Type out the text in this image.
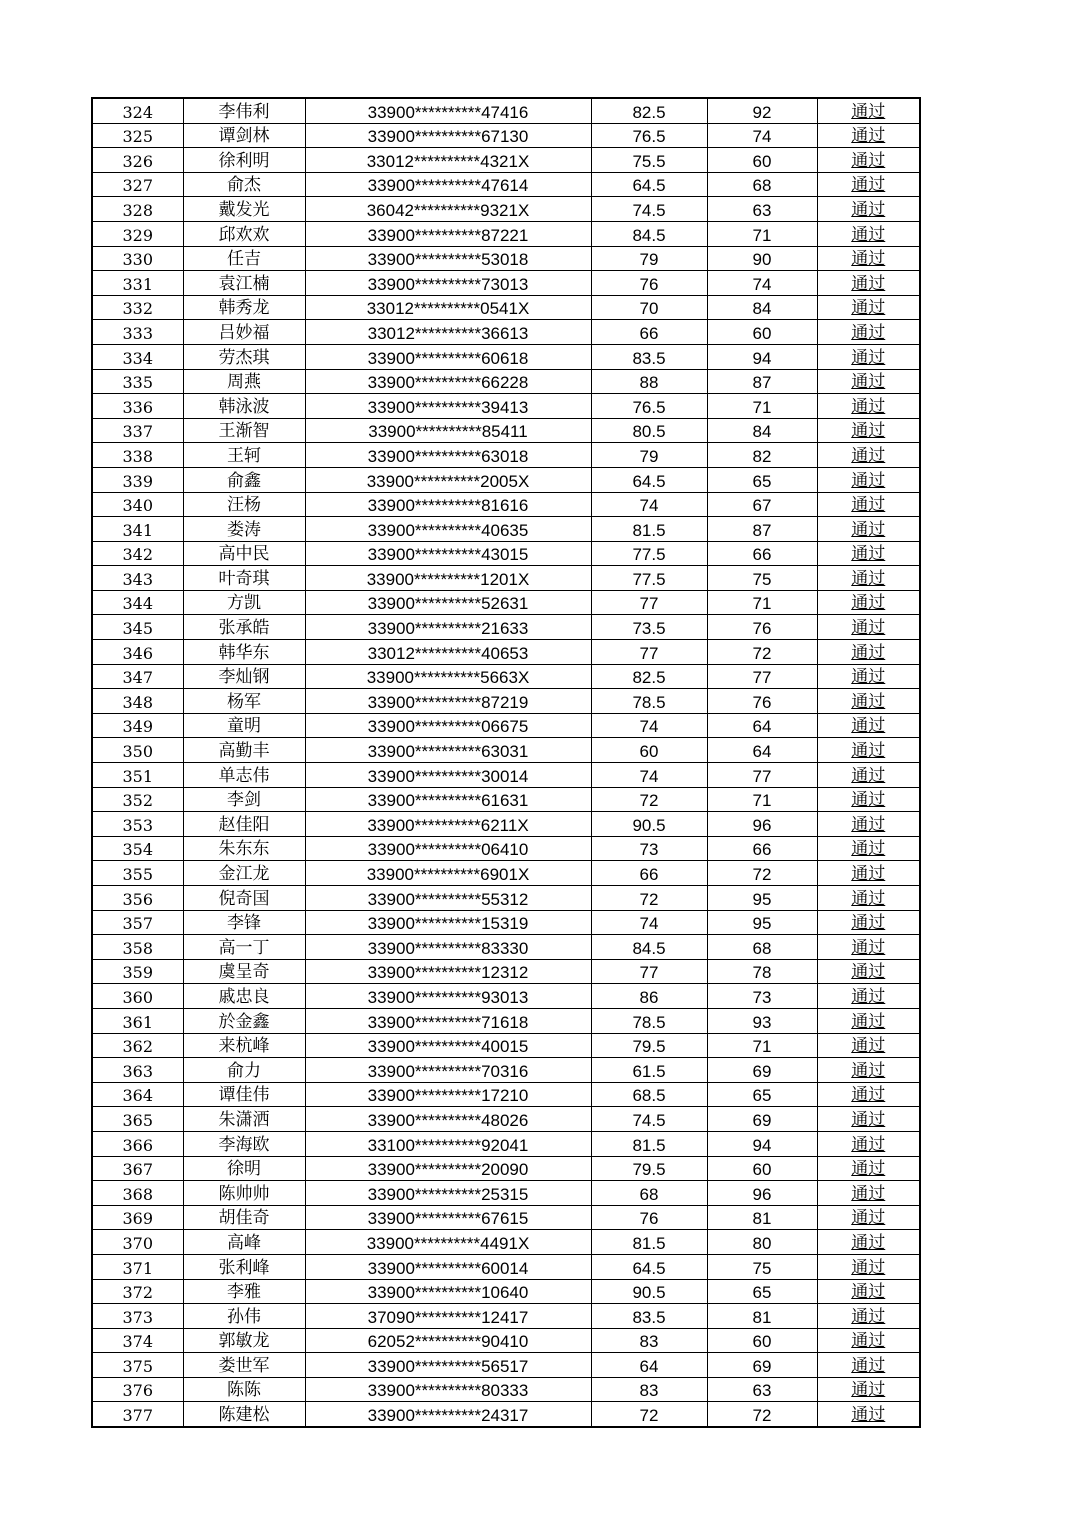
324	李伟利	33900**********47416	82.5	92	通过
325	谭剑林	33900**********67130	76.5	74	通过
326	徐利明	33012**********4321X	75.5	60	通过
327	俞杰	33900**********47614	64.5	68	通过
328	戴发光	36042**********9321X	74.5	63	通过
329	邱欢欢	33900**********87221	84.5	71	通过
330	任吉	33900**********53018	79	90	通过
331	袁江楠	33900**********73013	76	74	通过
332	韩秀龙	33012**********0541X	70	84	通过
333	吕妙福	33012**********36613	66	60	通过
334	劳杰琪	33900**********60618	83.5	94	通过
335	周燕	33900**********66228	88	87	通过
336	韩泳波	33900**********39413	76.5	71	通过
337	王渐智	33900**********85411	80.5	84	通过
338	王轲	33900**********63018	79	82	通过
339	俞鑫	33900**********2005X	64.5	65	通过
340	汪杨	33900**********81616	74	67	通过
341	娄涛	33900**********40635	81.5	87	通过
342	高中民	33900**********43015	77.5	66	通过
343	叶奇琪	33900**********1201X	77.5	75	通过
344	方凯	33900**********52631	77	71	通过
345	张承皓	33900**********21633	73.5	76	通过
346	韩华东	33012**********40653	77	72	通过
347	李灿钢	33900**********5663X	82.5	77	通过
348	杨军	33900**********87219	78.5	76	通过
349	童明	33900**********06675	74	64	通过
350	高勤丰	33900**********63031	60	64	通过
351	单志伟	33900**********30014	74	77	通过
352	李剑	33900**********61631	72	71	通过
353	赵佳阳	33900**********6211X	90.5	96	通过
354	朱东东	33900**********06410	73	66	通过
355	金江龙	33900**********6901X	66	72	通过
356	倪奇国	33900**********55312	72	95	通过
357	李锋	33900**********15319	74	95	通过
358	高一丁	33900**********83330	84.5	68	通过
359	虞呈奇	33900**********12312	77	78	通过
360	戚忠良	33900**********93013	86	73	通过
361	於金鑫	33900**********71618	78.5	93	通过
362	来杭峰	33900**********40015	79.5	71	通过
363	俞力	33900**********70316	61.5	69	通过
364	谭佳伟	33900**********17210	68.5	65	通过
365	朱潇洒	33900**********48026	74.5	69	通过
366	李海欧	33100**********92041	81.5	94	通过
367	徐明	33900**********20090	79.5	60	通过
368	陈帅帅	33900**********25315	68	96	通过
369	胡佳奇	33900**********67615	76	81	通过
370	高峰	33900**********4491X	81.5	80	通过
371	张利峰	33900**********60014	64.5	75	通过
372	李雅	33900**********10640	90.5	65	通过
373	孙伟	37090**********12417	83.5	81	通过
374	郭敏龙	62052**********90410	83	60	通过
375	娄世军	33900**********56517	64	69	通过
376	陈陈	33900**********80333	83	63	通过
377	陈建松	33900**********24317	72	72	通过
